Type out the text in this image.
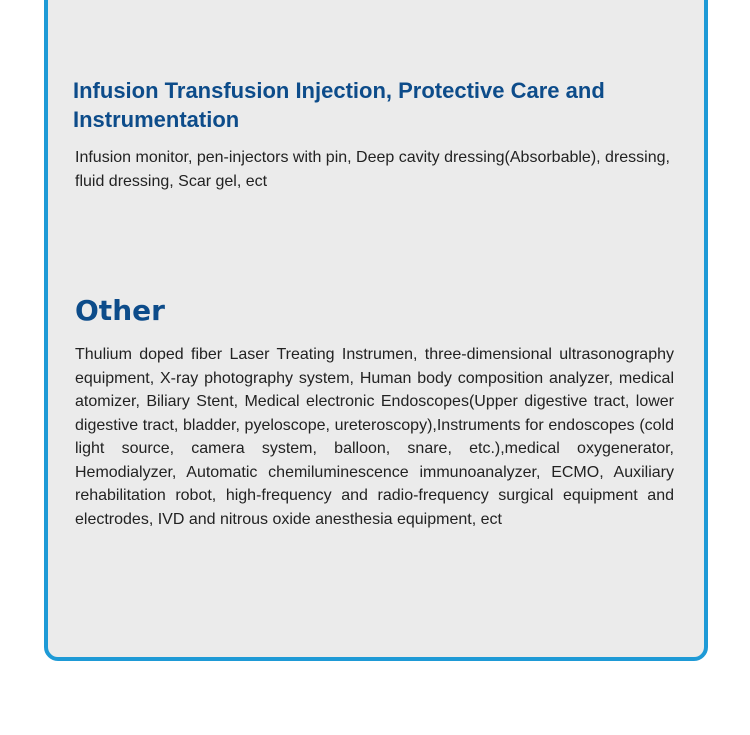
Infusion Transfusion Injection, Protective Care and Instrumentation

Infusion monitor, pen-injectors with pin, Deep cavity dressing(Absorbable), dressing, fluid dressing, Scar gel, ect

Other

Thulium doped fiber Laser Treating Instrumen, three-dimensional ultrasonography equipment, X-ray photography system, Human body composition analyzer, medical atomizer, Biliary Stent, Medical electronic Endoscopes(Upper digestive tract, lower digestive tract, bladder, pyeloscope, ureteroscopy),Instruments for endoscopes (cold light source, camera system, balloon, snare, etc.),medical oxygenerator, Hemodialyzer, Automatic chemiluminescence immunoanalyzer, ECMO, Auxiliary rehabilitation robot, high-frequency and radio-frequency surgical equipment and electrodes, IVD and nitrous oxide anesthesia equipment, ect
